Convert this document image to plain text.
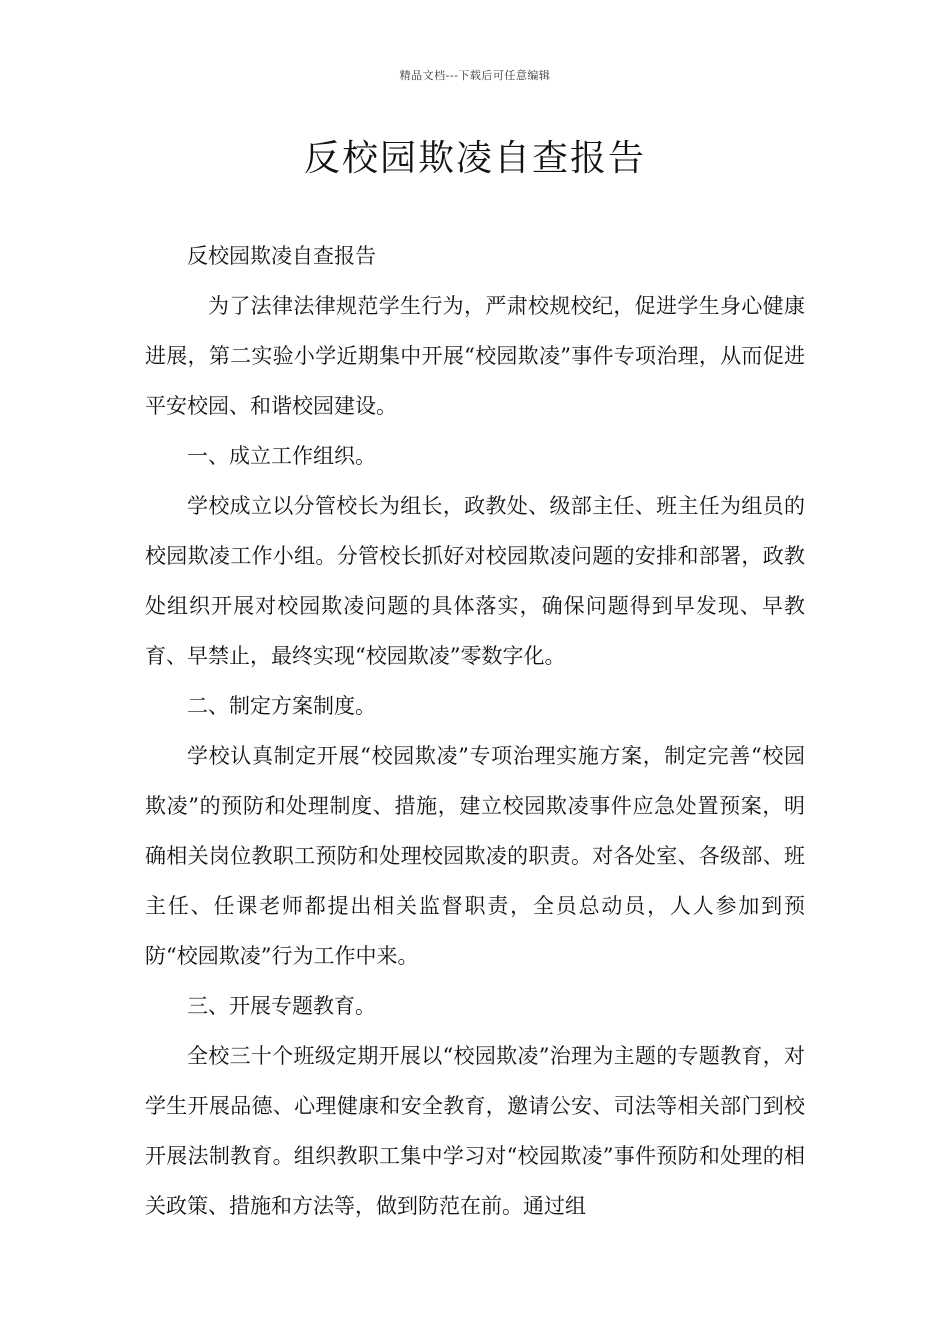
精品文档---下载后可任意编辑
反校园欺凌自查报告

反校园欺凌自查报告

为了法律法律规范学生行为，严肃校规校纪，促进学生身心健康进展，第二实验小学近期集中开展“校园欺凌”事件专项治理，从而促进平安校园、和谐校园建设。

一、成立工作组织。

学校成立以分管校长为组长，政教处、级部主任、班主任为组员的校园欺凌工作小组。分管校长抓好对校园欺凌问题的安排和部署，政教处组织开展对校园欺凌问题的具体落实，确保问题得到早发现、早教育、早禁止，最终实现“校园欺凌”零数字化。

二、制定方案制度。

学校认真制定开展“校园欺凌”专项治理实施方案，制定完善“校园欺凌”的预防和处理制度、措施，建立校园欺凌事件应急处置预案，明确相关岗位教职工预防和处理校园欺凌的职责。对各处室、各级部、班主任、任课老师都提出相关监督职责，全员总动员，人人参加到预防“校园欺凌”行为工作中来。

三、开展专题教育。

全校三十个班级定期开展以“校园欺凌”治理为主题的专题教育，对学生开展品德、心理健康和安全教育，邀请公安、司法等相关部门到校开展法制教育。组织教职工集中学习对“校园欺凌”事件预防和处理的相关政策、措施和方法等，做到防范在前。通过组
